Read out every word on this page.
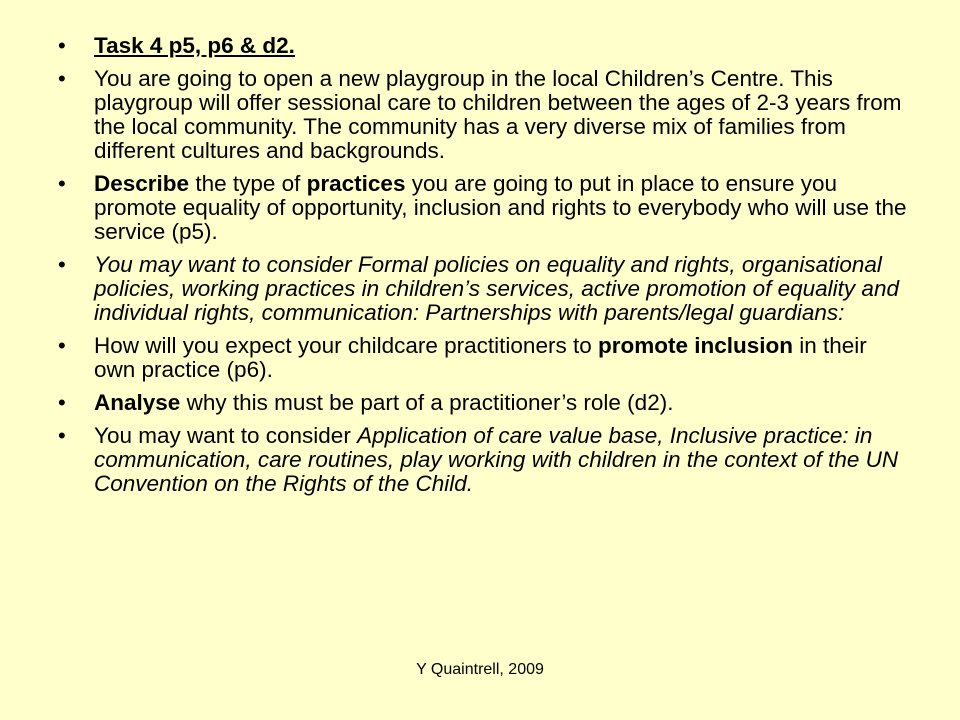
•	Task 4 p5, p6 & d2.
•	You are going to open a new playgroup in the local Children’s Centre. This playgroup will offer sessional care to children between the ages of 2-3 years from the local community. The community has a very diverse mix of families from different cultures and backgrounds.
•	Describe the type of practices you are going to put in place to ensure you promote equality of opportunity, inclusion and rights to everybody who will use the service (p5).
•	You may want to consider Formal policies on equality and rights, organisational policies, working practices in children’s services, active promotion of equality and individual rights, communication: Partnerships with parents/legal guardians:
•	How will you expect your childcare practitioners to promote inclusion in their own practice (p6).
•	Analyse why this must be part of a practitioner’s role (d2).
•	You may want to consider Application of care value base, Inclusive practice: in communication, care routines, play working with children in the context of the UN Convention on the Rights of the Child.
Y Quaintrell, 2009
